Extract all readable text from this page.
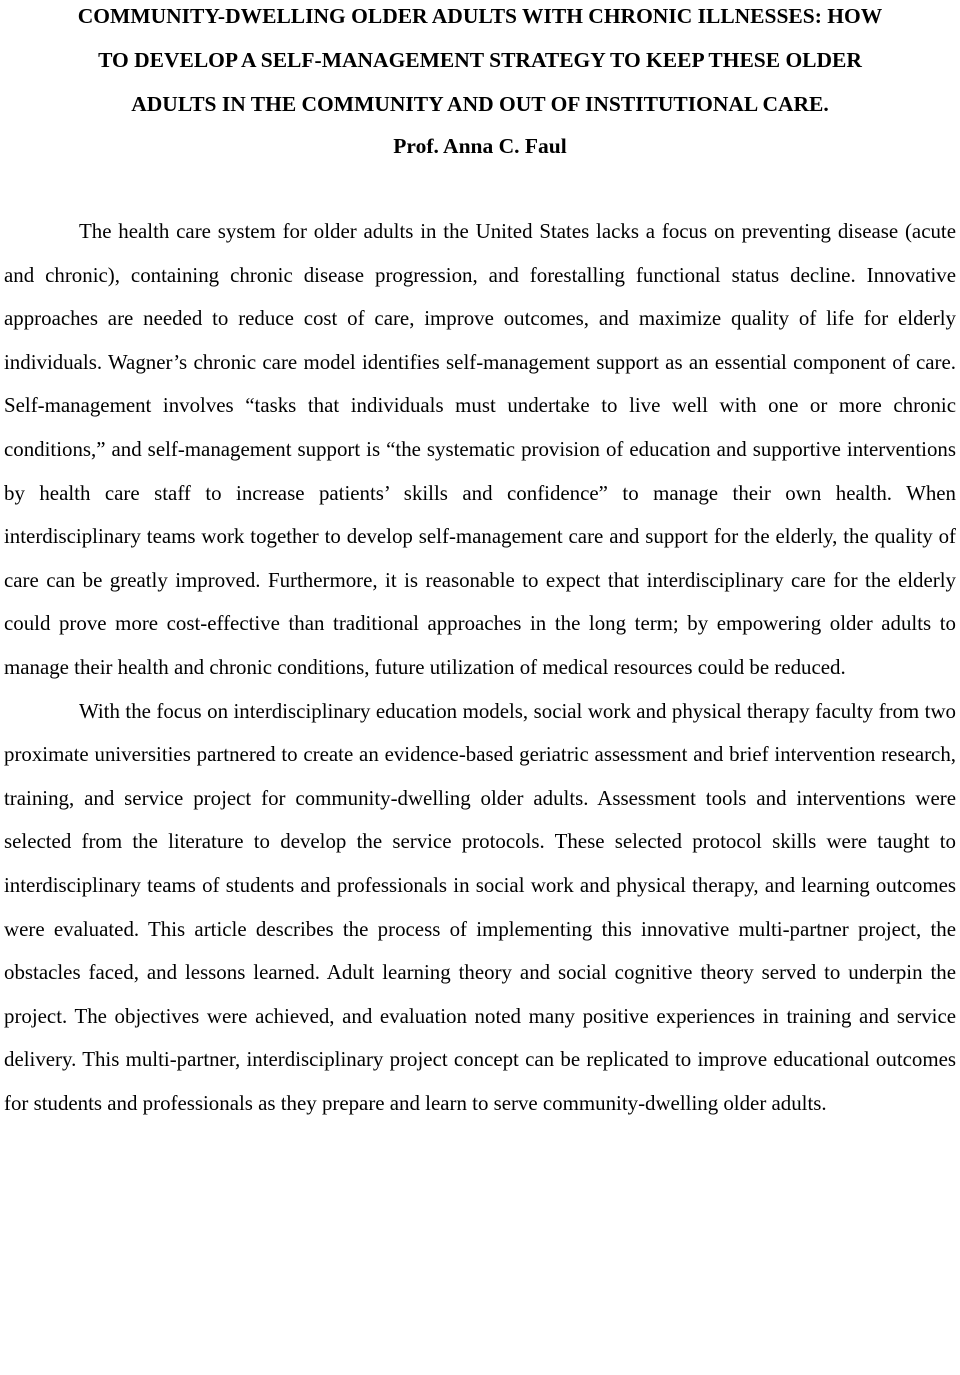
COMMUNITY-DWELLING OLDER ADULTS WITH CHRONIC ILLNESSES: HOW
TO DEVELOP A SELF-MANAGEMENT STRATEGY TO KEEP THESE OLDER
ADULTS IN THE COMMUNITY AND OUT OF INSTITUTIONAL CARE.
Prof. Anna C. Faul

The health care system for older adults in the United States lacks a focus on preventing disease (acute and chronic), containing chronic disease progression, and forestalling functional status decline. Innovative approaches are needed to reduce cost of care, improve outcomes, and maximize quality of life for elderly individuals. Wagner’s chronic care model identifies self-management support as an essential component of care. Self-management involves “tasks that individuals must undertake to live well with one or more chronic conditions,” and self-management support is “the systematic provision of education and supportive interventions by health care staff to increase patients’ skills and confidence” to manage their own health. When interdisciplinary teams work together to develop self-management care and support for the elderly, the quality of care can be greatly improved. Furthermore, it is reasonable to expect that interdisciplinary care for the elderly could prove more cost-effective than traditional approaches in the long term; by empowering older adults to manage their health and chronic conditions, future utilization of medical resources could be reduced.

With the focus on interdisciplinary education models, social work and physical therapy faculty from two proximate universities partnered to create an evidence-based geriatric assessment and brief intervention research, training, and service project for community-dwelling older adults. Assessment tools and interventions were selected from the literature to develop the service protocols. These selected protocol skills were taught to interdisciplinary teams of students and professionals in social work and physical therapy, and learning outcomes were evaluated. This article describes the process of implementing this innovative multi-partner project, the obstacles faced, and lessons learned. Adult learning theory and social cognitive theory served to underpin the project. The objectives were achieved, and evaluation noted many positive experiences in training and service delivery. This multi-partner, interdisciplinary project concept can be replicated to improve educational outcomes for students and professionals as they prepare and learn to serve community-dwelling older adults.
